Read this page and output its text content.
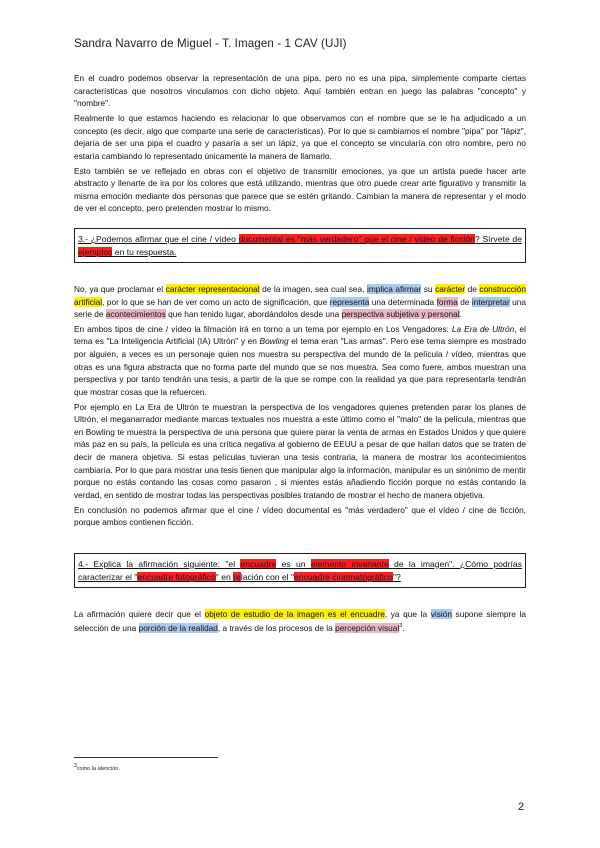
Sandra Navarro de Miguel - T. Imagen - 1 CAV (UJI)

En el cuadro podemos observar la representación de una pipa, pero no es una pipa, simplemente comparte ciertas características que nosotros vinculamos con dicho objeto. Aquí también entran en juego las palabras "concepto" y "nombre".

Realmente lo que estamos haciendo es relacionar lo que observamos con el nombre que se le ha adjudicado a un concepto (es decir, algo que comparte una serie de características). Por lo que si cambiamos el nombre "pipa" por "lápiz", dejaría de ser una pipa el cuadro y pasaría a ser un lápiz, ya que el concepto se vincularía con otro nombre, pero no estaría cambiando lo representado únicamente la manera de llamarlo.

Esto también se ve reflejado en obras con el objetivo de transmitir emociones, ya que un artista puede hacer arte abstracto y llenarte de ira por los colores que está utilizando, mientras que otro puede crear arte figurativo y transmitir la misma emoción mediante dos personas que parece que se estén gritando. Cambian la manera de representar y el modo de ver el concepto, pero pretenden mostrar lo mismo.

3.- ¿Podemos afirmar que el cine / vídeo documental es "más verdadero" que el cine / vídeo de ficción? Sírvete de ejemplos en tu respuesta.

No, ya que proclamar el carácter representacional de la imagen, sea cual sea, implica afirmar su carácter de construcción artificial, por lo que se han de ver como un acto de significación, que representa una determinada forma de interpretar una serie de acontecimientos que han tenido lugar, abordándolos desde una perspectiva subjetiva y personal.

En ambos tipos de cine / vídeo la filmación irá en torno a un tema por ejemplo en Los Vengadores: La Era de Ultrón, el tema es "La Inteligencia Artificial (IA) Ultrón" y en Bowling el tema eran "Las armas". Pero ese tema siempre es mostrado por alguien, a veces es un personaje quien nos muestra su perspectiva del mundo de la película / vídeo, mientras que otras es una figura abstracta que no forma parte del mundo que se nos muestra. Sea como fuere, ambos muestran una perspectiva y por tanto tendrán una tesis, a partir de la que se rompe con la realidad ya que para representarla tendrán que mostrar cosas que la refuercen.

Por ejemplo en La Era de Ultrón te muestran la perspectiva de los vengadores quienes pretenden parar los planes de Ultrón, el meganarrador mediante marcas textuales nos muestra a este último como el "malo" de la película, mientras que en Bowling te muestra la perspectiva de una persona que quiere parar la venta de armas en Estados Unidos y que quiere más paz en su país, la película es una crítica negativa al gobierno de EEUU a pesar de que hallan datos que se traten de decir de manera objetiva. Si estas películas tuvieran una tesis contraria, la manera de mostrar los acontecimientos cambiaría. Por lo que para mostrar una tesis tienen que manipular algo la información, manipular es un sinónimo de mentir porque no estás contando las cosas como pasaron , si mientes estás añadiendo ficción porque no estás contando la verdad, en sentido de mostrar todas las perspectivas posibles tratando de mostrar el hecho de manera objetiva.

En conclusión no podemos afirmar que el cine / vídeo documental es "más verdadero" que el vídeo / cine de ficción, porque ambos contienen ficción.

4.- Explica la afirmación siguiente: "el encuadre es un elemento invariante de la imagen". ¿Cómo podrías caracterizar el "encuadre fotográfico" en relación con el "encuadre cinematográfico"?

La afirmación quiere decir que el objeto de estudio de la imagen es el encuadre, ya que la visión supone siempre la selección de una porción de la realidad, a través de los procesos de la percepción visual$^3$.

$^3$como la atención.
2
